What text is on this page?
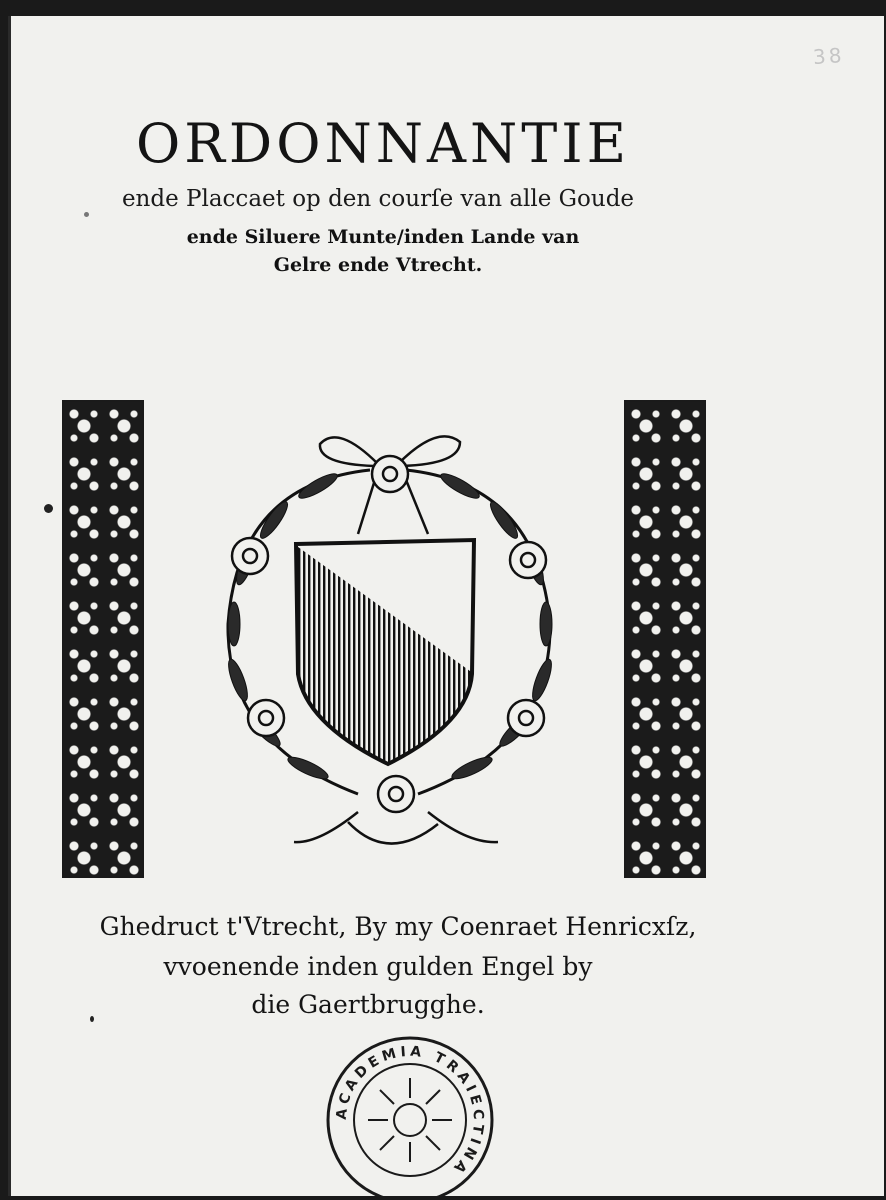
38
ORDONNANTIE

ende Placcaet op den courſe van alle Goude

ende Siluere Munte/inden Lande van

Gelre ende Vtrecht.

Ghedruct t'Vtrecht, By my Coenraet Henricxſz,

vvoenende inden gulden Engel by

die Gaertbrugghe.

ACADEMIA TRAIECTINA
